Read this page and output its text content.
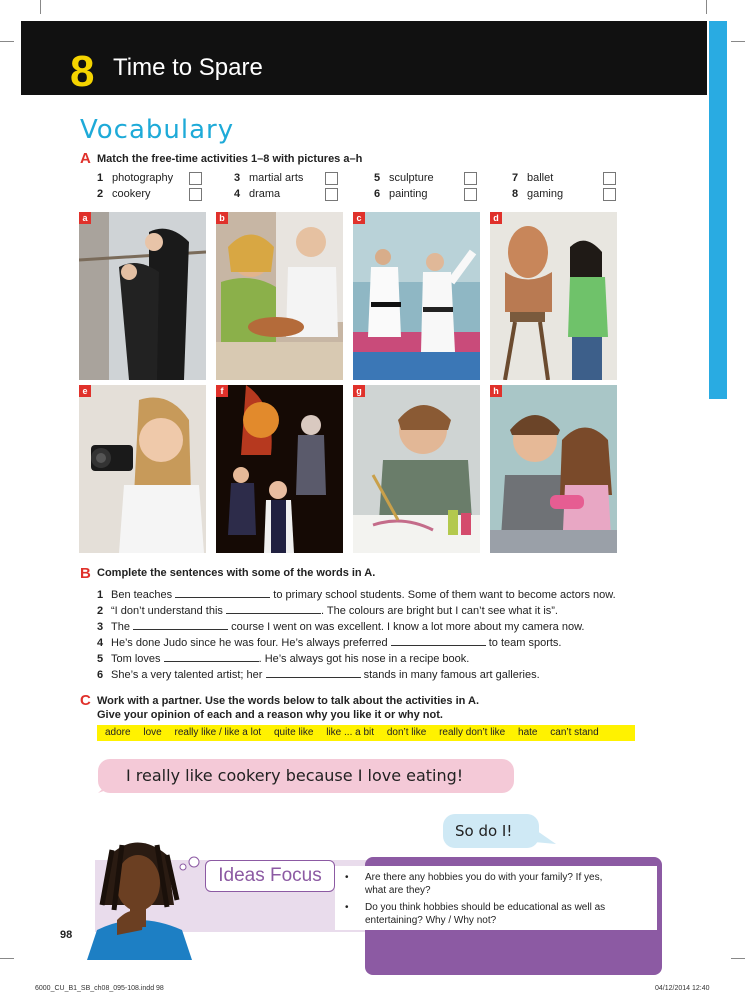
8 Time to Spare
Vocabulary
A Match the free-time activities 1–8 with pictures a–h
1 photography
2 cookery
3 martial arts
4 drama
5 sculpture
6 painting
7 ballet
8 gaming
a	b	c	d
e	f	g	h
B Complete the sentences with some of the words in A.
1 Ben teaches	to primary school students. Some of them want to become actors now.
2 “I don’t understand this	. The colours are bright but I can’t see what it is”.
3 The	course I went on was excellent. I know a lot more about my camera now.
4 He’s done Judo since he was four. He’s always preferred	to team sports.
5 Tom loves	. He’s always got his nose in a recipe book.
6 She’s a very talented artist; her	stands in many famous art galleries.
C Work with a partner. Use the words below to talk about the activities in A.
Give your opinion of each and a reason why you like it or why not.
adore love really like / like a lot quite like like ... a bit don’t like really don’t like hate can’t stand
I really like cookery because I love eating!
So do I!
Ideas Focus	• Are there any hobbies you do with your family? If yes,
what are they?
• Do you think hobbies should be educational as well as
entertaining? Why / Why not?
98
6000_CU_B1_SB_ch08_095-108.indd 98	04/12/2014 12:40
